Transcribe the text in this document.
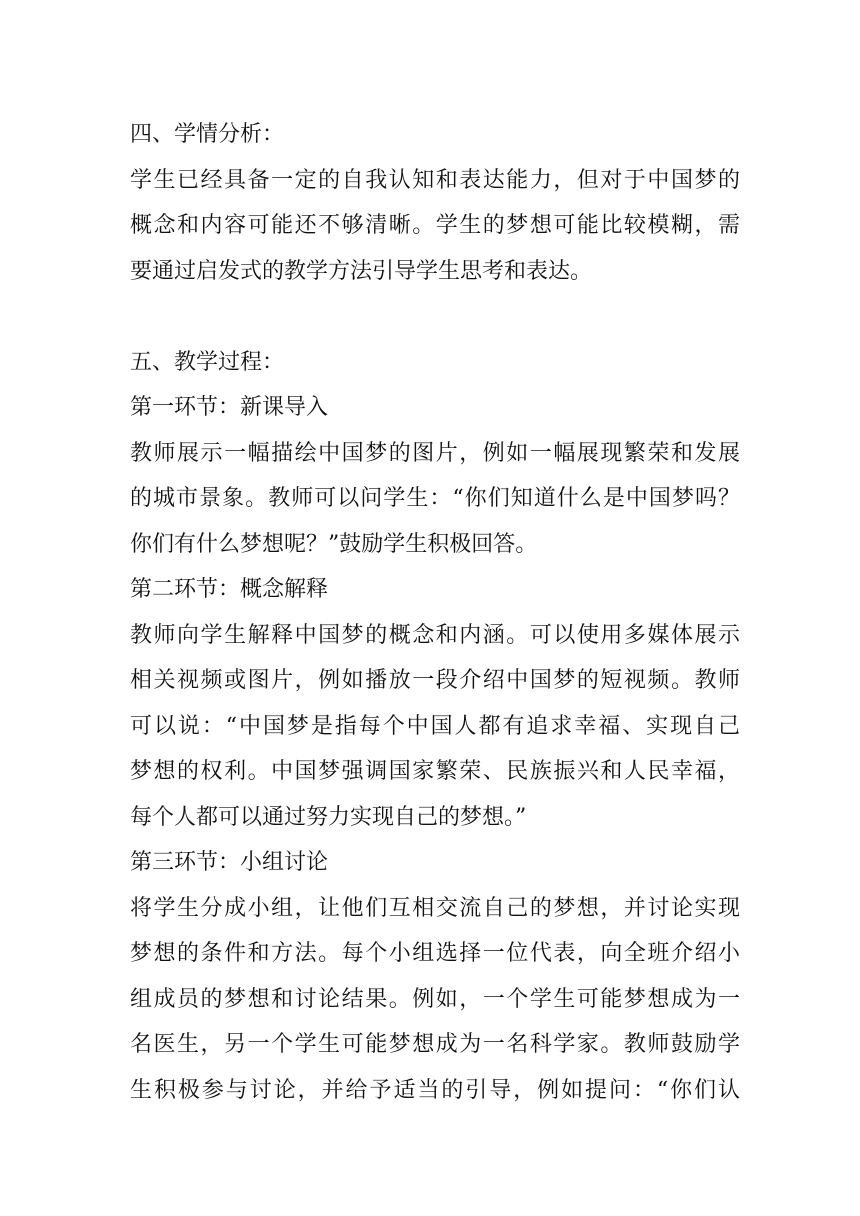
四、学情分析：
学生已经具备一定的自我认知和表达能力，但对于中国梦的
概念和内容可能还不够清晰。学生的梦想可能比较模糊，需
要通过启发式的教学方法引导学生思考和表达。
五、教学过程：
第一环节：新课导入
教师展示一幅描绘中国梦的图片，例如一幅展现繁荣和发展
的城市景象。教师可以问学生：“你们知道什么是中国梦吗？
你们有什么梦想呢？”鼓励学生积极回答。
第二环节：概念解释
教师向学生解释中国梦的概念和内涵。可以使用多媒体展示
相关视频或图片，例如播放一段介绍中国梦的短视频。教师
可以说：“中国梦是指每个中国人都有追求幸福、实现自己
梦想的权利。中国梦强调国家繁荣、民族振兴和人民幸福，
每个人都可以通过努力实现自己的梦想。”
第三环节：小组讨论
将学生分成小组，让他们互相交流自己的梦想，并讨论实现
梦想的条件和方法。每个小组选择一位代表，向全班介绍小
组成员的梦想和讨论结果。例如，一个学生可能梦想成为一
名医生，另一个学生可能梦想成为一名科学家。教师鼓励学
生积极参与讨论，并给予适当的引导，例如提问：“你们认
